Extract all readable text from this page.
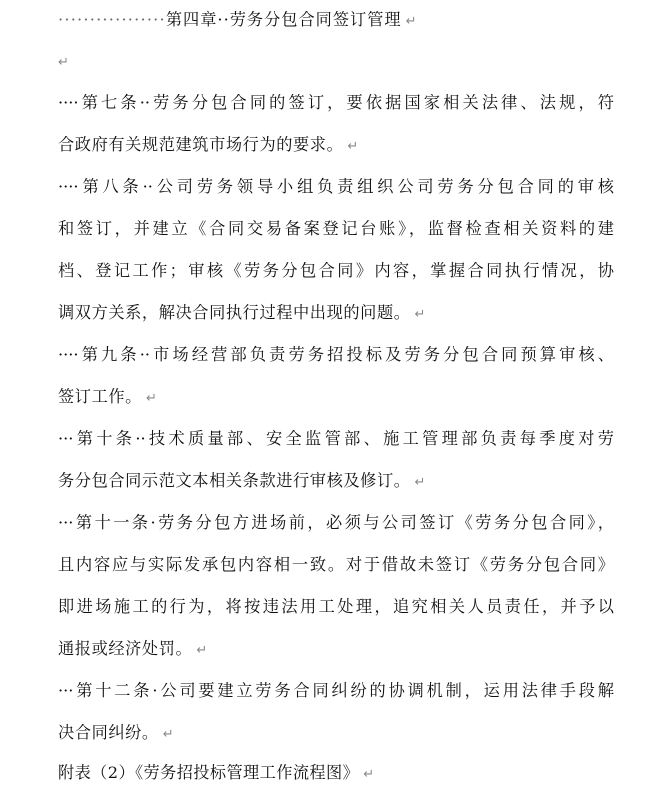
·················第四章··劳务分包合同签订管理 ↵
↵
····第七条··劳务分包合同的签订，要依据国家相关法律、法规，符
合政府有关规范建筑市场行为的要求。 ↵
····第八条··公司劳务领导小组负责组织公司劳务分包合同的审核
和签订，并建立《合同交易备案登记台账》，监督检查相关资料的建
档、登记工作；审核《劳务分包合同》内容，掌握合同执行情况，协
调双方关系，解决合同执行过程中出现的问题。 ↵
····第九条··市场经营部负责劳务招投标及劳务分包合同预算审核、
签订工作。 ↵
···第十条··技术质量部、安全监管部、施工管理部负责每季度对劳
务分包合同示范文本相关条款进行审核及修订。 ↵
···第十一条·劳务分包方进场前，必须与公司签订《劳务分包合同》，
且内容应与实际发承包内容相一致。对于借故未签订《劳务分包合同》
即进场施工的行为，将按违法用工处理，追究相关人员责任，并予以
通报或经济处罚。 ↵
···第十二条·公司要建立劳务合同纠纷的协调机制，运用法律手段解
决合同纠纷。 ↵
附表（2）《劳务招投标管理工作流程图》 ↵
